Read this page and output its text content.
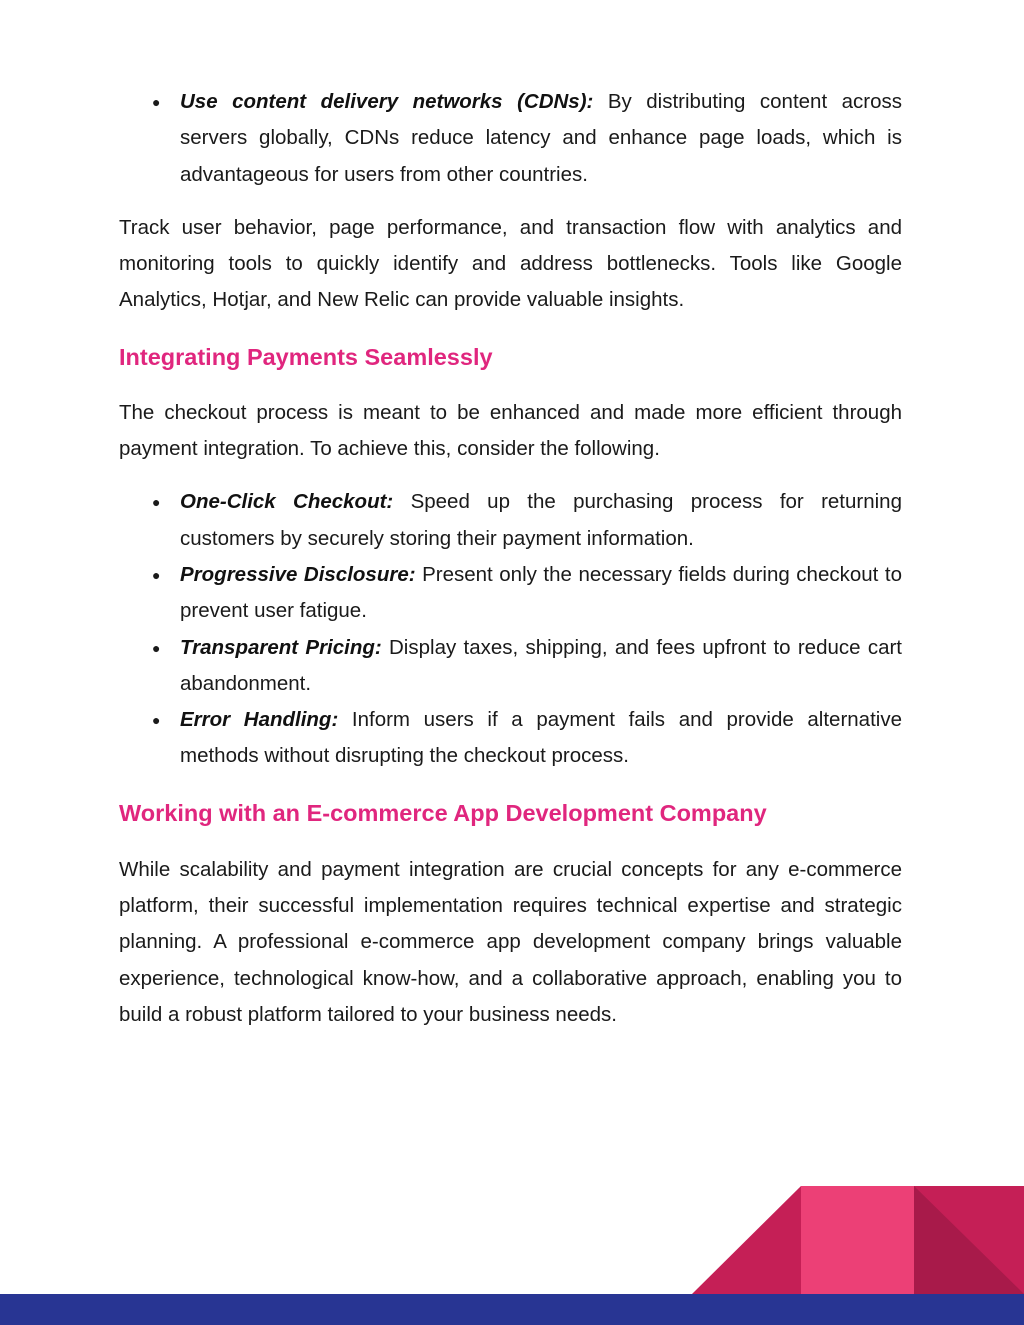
● Use content delivery networks (CDNs): By distributing content across servers globally, CDNs reduce latency and enhance page loads, which is advantageous for users from other countries.

Track user behavior, page performance, and transaction flow with analytics and monitoring tools to quickly identify and address bottlenecks. Tools like Google Analytics, Hotjar, and New Relic can provide valuable insights.

Integrating Payments Seamlessly

The checkout process is meant to be enhanced and made more efficient through payment integration. To achieve this, consider the following.

● One-Click Checkout: Speed up the purchasing process for returning customers by securely storing their payment information.
● Progressive Disclosure: Present only the necessary fields during checkout to prevent user fatigue.
● Transparent Pricing: Display taxes, shipping, and fees upfront to reduce cart abandonment.
● Error Handling: Inform users if a payment fails and provide alternative methods without disrupting the checkout process.
Working with an E-commerce App Development Company

While scalability and payment integration are crucial concepts for any e-commerce platform, their successful implementation requires technical expertise and strategic planning. A professional e-commerce app development company brings valuable experience, technological know-how, and a collaborative approach, enabling you to build a robust platform tailored to your business needs.
